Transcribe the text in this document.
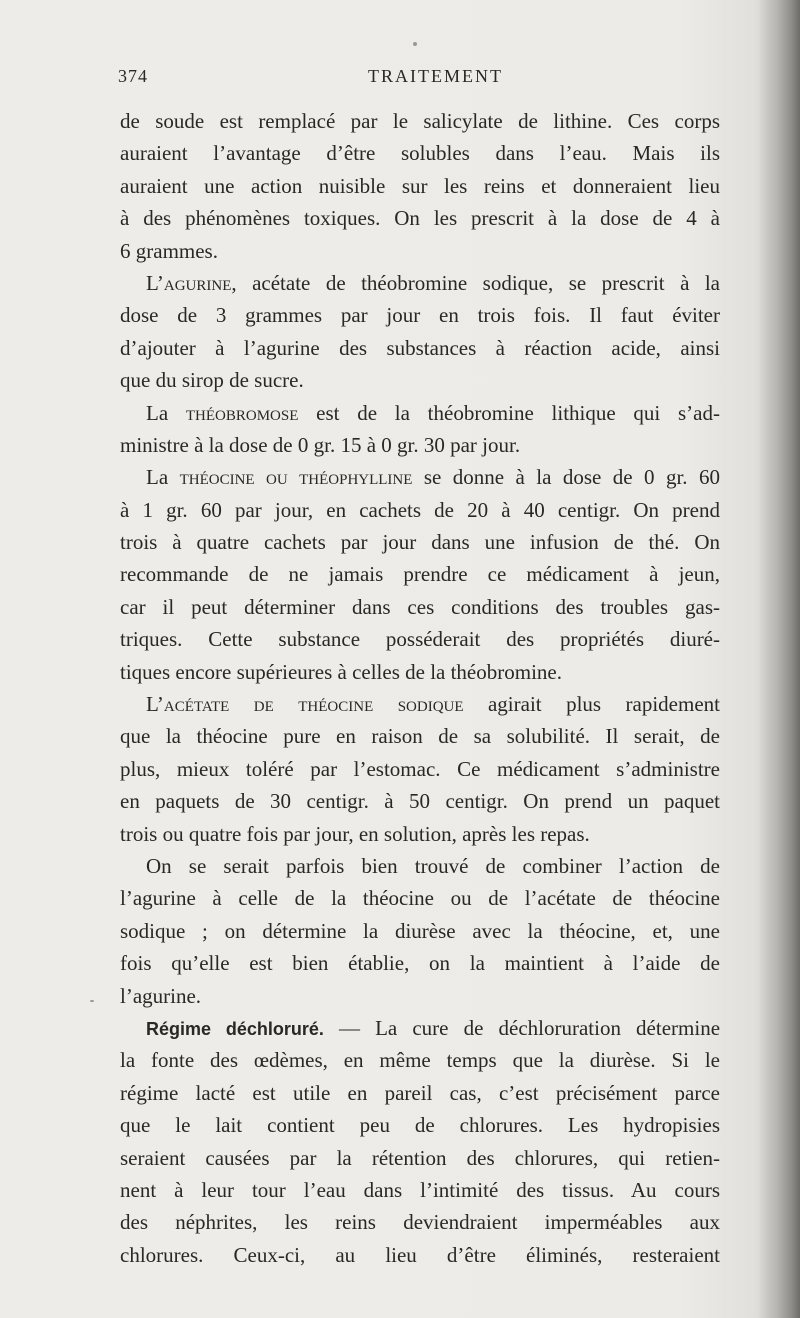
374	TRAITEMENT
de soude est remplacé par le salicylate de lithine. Ces corps
auraient l’avantage d’être solubles dans l’eau. Mais ils
auraient une action nuisible sur les reins et donneraient lieu
à des phénomènes toxiques. On les prescrit à la dose de 4 à
6 grammes.
L’agurine, acétate de théobromine sodique, se prescrit à la
dose de 3 grammes par jour en trois fois. Il faut éviter
d’ajouter à l’agurine des substances à réaction acide, ainsi
que du sirop de sucre.
La théobromose est de la théobromine lithique qui s’ad-
ministre à la dose de 0 gr. 15 à 0 gr. 30 par jour.
La théocine ou théophylline se donne à la dose de 0 gr. 60
à 1 gr. 60 par jour, en cachets de 20 à 40 centigr. On prend
trois à quatre cachets par jour dans une infusion de thé. On
recommande de ne jamais prendre ce médicament à jeun,
car il peut déterminer dans ces conditions des troubles gas-
triques. Cette substance posséderait des propriétés diuré-
tiques encore supérieures à celles de la théobromine.
L’acétate de théocine sodique agirait plus rapidement
que la théocine pure en raison de sa solubilité. Il serait, de
plus, mieux toléré par l’estomac. Ce médicament s’administre
en paquets de 30 centigr. à 50 centigr. On prend un paquet
trois ou quatre fois par jour, en solution, après les repas.
On se serait parfois bien trouvé de combiner l’action de
l’agurine à celle de la théocine ou de l’acétate de théocine
sodique ; on détermine la diurèse avec la théocine, et, une
fois qu’elle est bien établie, on la maintient à l’aide de
l’agurine.
Régime déchloruré. — La cure de déchloruration détermine
la fonte des œdèmes, en même temps que la diurèse. Si le
régime lacté est utile en pareil cas, c’est précisément parce
que le lait contient peu de chlorures. Les hydropisies
seraient causées par la rétention des chlorures, qui retien-
nent à leur tour l’eau dans l’intimité des tissus. Au cours
des néphrites, les reins deviendraient imperméables aux
chlorures. Ceux-ci, au lieu d’être éliminés, resteraient
